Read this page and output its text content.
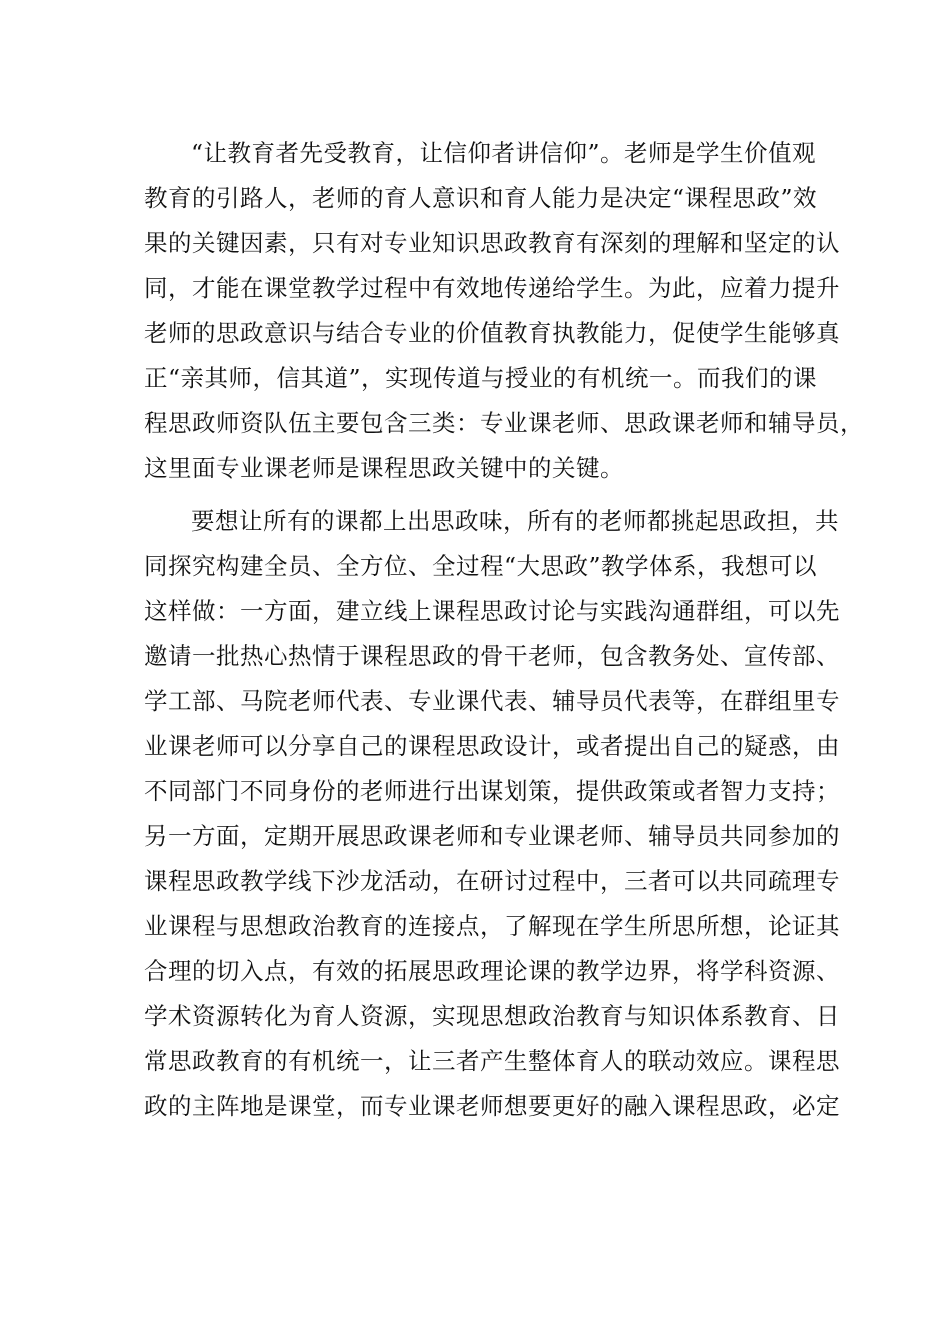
“让教育者先受教育，让信仰者讲信仰”。老师是学生价值观
教育的引路人，老师的育人意识和育人能力是决定“课程思政”效
果的关键因素，只有对专业知识思政教育有深刻的理解和坚定的认
同，才能在课堂教学过程中有效地传递给学生。为此，应着力提升
老师的思政意识与结合专业的价值教育执教能力，促使学生能够真
正“亲其师，信其道”，实现传道与授业的有机统一。而我们的课
程思政师资队伍主要包含三类：专业课老师、思政课老师和辅导员，
这里面专业课老师是课程思政关键中的关键。
要想让所有的课都上出思政味，所有的老师都挑起思政担，共
同探究构建全员、全方位、全过程“大思政”教学体系，我想可以
这样做：一方面，建立线上课程思政讨论与实践沟通群组，可以先
邀请一批热心热情于课程思政的骨干老师，包含教务处、宣传部、
学工部、马院老师代表、专业课代表、辅导员代表等，在群组里专
业课老师可以分享自己的课程思政设计，或者提出自己的疑惑，由
不同部门不同身份的老师进行出谋划策，提供政策或者智力支持；
另一方面，定期开展思政课老师和专业课老师、辅导员共同参加的
课程思政教学线下沙龙活动，在研讨过程中，三者可以共同疏理专
业课程与思想政治教育的连接点，了解现在学生所思所想，论证其
合理的切入点，有效的拓展思政理论课的教学边界，将学科资源、
学术资源转化为育人资源，实现思想政治教育与知识体系教育、日
常思政教育的有机统一，让三者产生整体育人的联动效应。课程思
政的主阵地是课堂，而专业课老师想要更好的融入课程思政，必定
